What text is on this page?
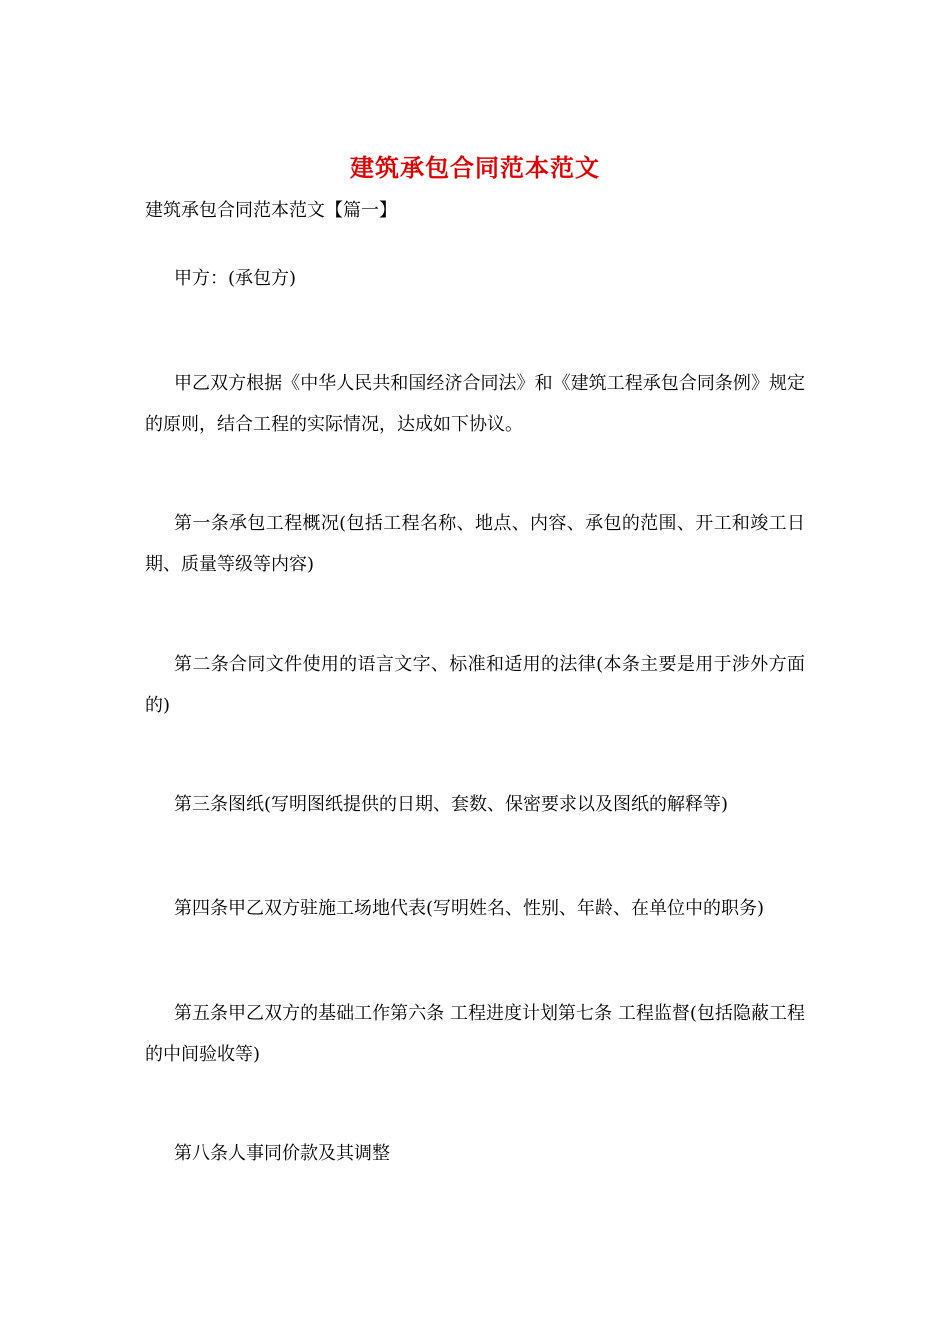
建筑承包合同范本范文

建筑承包合同范本范文【篇一】

甲方：(承包方)

甲乙双方根据《中华人民共和国经济合同法》和《建筑工程承包合同条例》规定的原则，结合工程的实际情况，达成如下协议。

第一条承包工程概况(包括工程名称、地点、内容、承包的范围、开工和竣工日期、质量等级等内容)

第二条合同文件使用的语言文字、标准和适用的法律(本条主要是用于涉外方面的)

第三条图纸(写明图纸提供的日期、套数、保密要求以及图纸的解释等)

第四条甲乙双方驻施工场地代表(写明姓名、性别、年龄、在单位中的职务)

第五条甲乙双方的基础工作第六条 工程进度计划第七条 工程监督(包括隐蔽工程的中间验收等)

第八条人事同价款及其调整
